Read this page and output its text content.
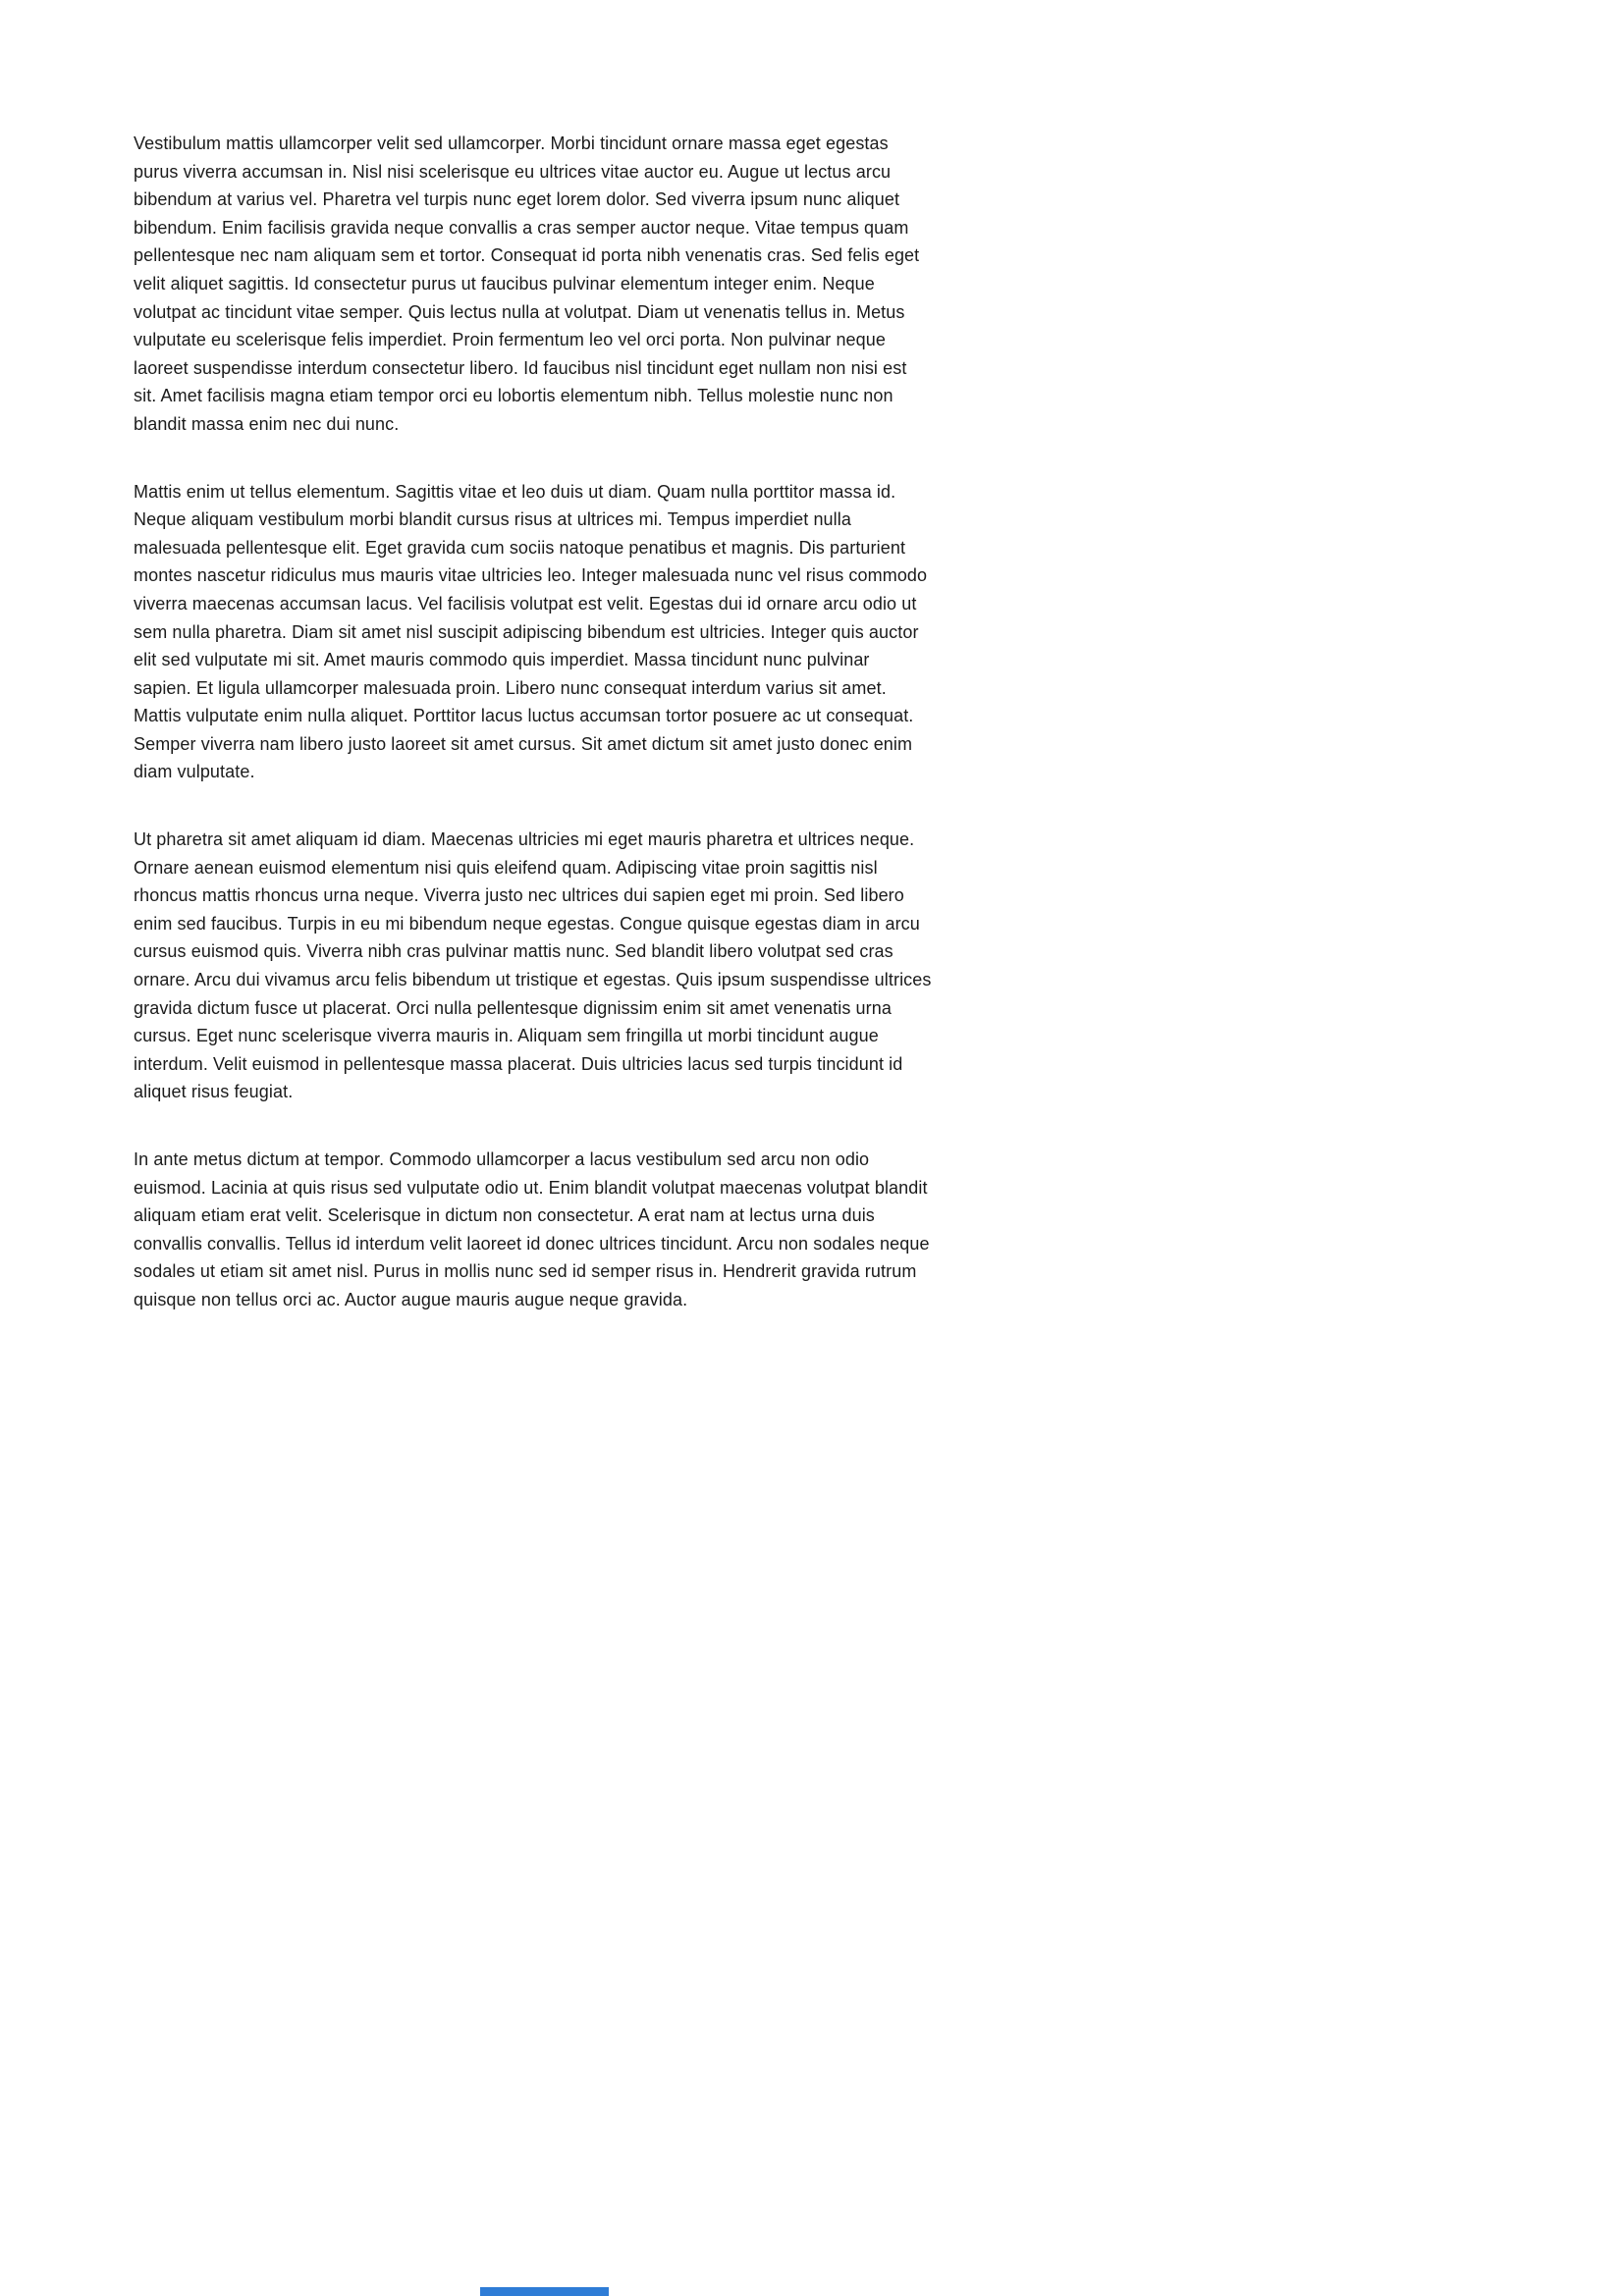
Vestibulum mattis ullamcorper velit sed ullamcorper. Morbi tincidunt ornare massa eget egestas
purus viverra accumsan in. Nisl nisi scelerisque eu ultrices vitae auctor eu. Augue ut lectus arcu
bibendum at varius vel. Pharetra vel turpis nunc eget lorem dolor. Sed viverra ipsum nunc aliquet
bibendum. Enim facilisis gravida neque convallis a cras semper auctor neque. Vitae tempus quam
pellentesque nec nam aliquam sem et tortor. Consequat id porta nibh venenatis cras. Sed felis eget
velit aliquet sagittis. Id consectetur purus ut faucibus pulvinar elementum integer enim. Neque
volutpat ac tincidunt vitae semper. Quis lectus nulla at volutpat. Diam ut venenatis tellus in. Metus
vulputate eu scelerisque felis imperdiet. Proin fermentum leo vel orci porta. Non pulvinar neque
laoreet suspendisse interdum consectetur libero. Id faucibus nisl tincidunt eget nullam non nisi est
sit. Amet facilisis magna etiam tempor orci eu lobortis elementum nibh. Tellus molestie nunc non
blandit massa enim nec dui nunc.
Mattis enim ut tellus elementum. Sagittis vitae et leo duis ut diam. Quam nulla porttitor massa id.
Neque aliquam vestibulum morbi blandit cursus risus at ultrices mi. Tempus imperdiet nulla
malesuada pellentesque elit. Eget gravida cum sociis natoque penatibus et magnis. Dis parturient
montes nascetur ridiculus mus mauris vitae ultricies leo. Integer malesuada nunc vel risus commodo
viverra maecenas accumsan lacus. Vel facilisis volutpat est velit. Egestas dui id ornare arcu odio ut
sem nulla pharetra. Diam sit amet nisl suscipit adipiscing bibendum est ultricies. Integer quis auctor
elit sed vulputate mi sit. Amet mauris commodo quis imperdiet. Massa tincidunt nunc pulvinar
sapien. Et ligula ullamcorper malesuada proin. Libero nunc consequat interdum varius sit amet.
Mattis vulputate enim nulla aliquet. Porttitor lacus luctus accumsan tortor posuere ac ut consequat.
Semper viverra nam libero justo laoreet sit amet cursus. Sit amet dictum sit amet justo donec enim
diam vulputate.
Ut pharetra sit amet aliquam id diam. Maecenas ultricies mi eget mauris pharetra et ultrices neque.
Ornare aenean euismod elementum nisi quis eleifend quam. Adipiscing vitae proin sagittis nisl
rhoncus mattis rhoncus urna neque. Viverra justo nec ultrices dui sapien eget mi proin. Sed libero
enim sed faucibus. Turpis in eu mi bibendum neque egestas. Congue quisque egestas diam in arcu
cursus euismod quis. Viverra nibh cras pulvinar mattis nunc. Sed blandit libero volutpat sed cras
ornare. Arcu dui vivamus arcu felis bibendum ut tristique et egestas. Quis ipsum suspendisse ultrices
gravida dictum fusce ut placerat. Orci nulla pellentesque dignissim enim sit amet venenatis urna
cursus. Eget nunc scelerisque viverra mauris in. Aliquam sem fringilla ut morbi tincidunt augue
interdum. Velit euismod in pellentesque massa placerat. Duis ultricies lacus sed turpis tincidunt id
aliquet risus feugiat.
In ante metus dictum at tempor. Commodo ullamcorper a lacus vestibulum sed arcu non odio
euismod. Lacinia at quis risus sed vulputate odio ut. Enim blandit volutpat maecenas volutpat blandit
aliquam etiam erat velit. Scelerisque in dictum non consectetur. A erat nam at lectus urna duis
convallis convallis. Tellus id interdum velit laoreet id donec ultrices tincidunt. Arcu non sodales neque
sodales ut etiam sit amet nisl. Purus in mollis nunc sed id semper risus in. Hendrerit gravida rutrum
quisque non tellus orci ac. Auctor augue mauris augue neque gravida.
